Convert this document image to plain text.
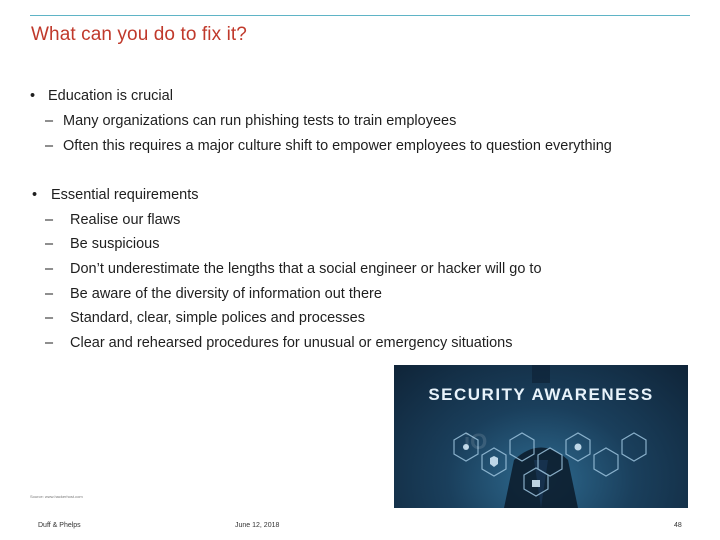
What can you do to fix it?
• Education is crucial
– Many organizations can run phishing tests to train employees
– Often this requires a major culture shift to empower employees to question everything
• Essential requirements
– Realise our flaws
– Be suspicious
– Don’t underestimate the lengths that a social engineer or hacker will go to
– Be aware of the diversity of information out there
– Standard, clear, simple polices and processes
– Clear and rehearsed procedures for unusual or emergency situations
iO
SECURITY AWARENESS
Source: www.hackerhost.com
Duff & Phelps	June 12, 2018	48
